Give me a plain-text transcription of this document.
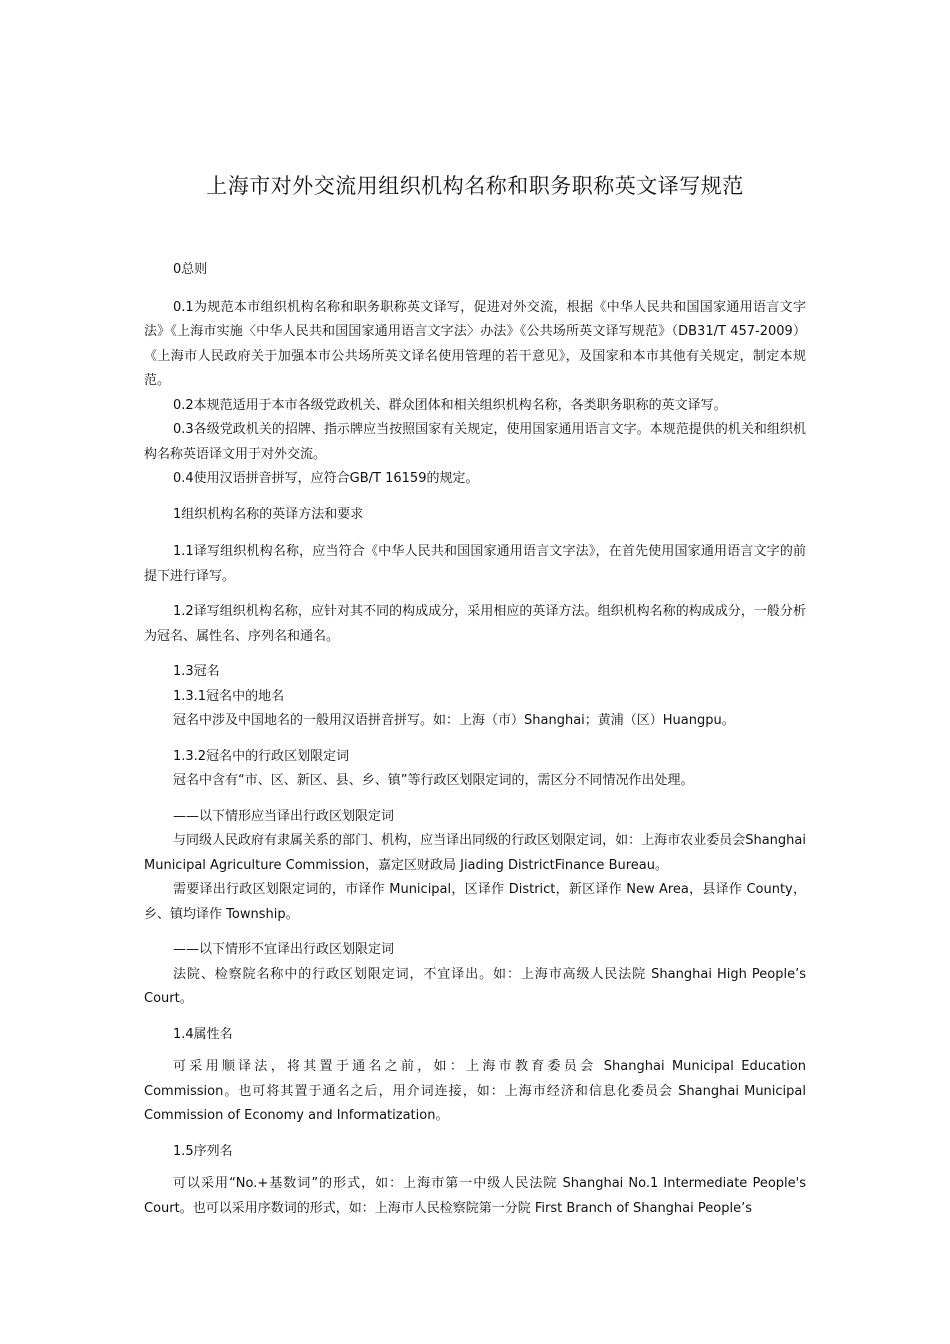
上海市对外交流用组织机构名称和职务职称英文译写规范
0总则

0.1为规范本市组织机构名称和职务职称英文译写，促进对外交流，根据《中华人民共和国国家通用语言文字法》《上海市实施〈中华人民共和国国家通用语言文字法〉办法》《公共场所英文译写规范》（DB31/T 457-2009）《上海市人民政府关于加强本市公共场所英文译名使用管理的若干意见》，及国家和本市其他有关规定，制定本规范。

0.2本规范适用于本市各级党政机关、群众团体和相关组织机构名称，各类职务职称的英文译写。

0.3各级党政机关的招牌、指示牌应当按照国家有关规定，使用国家通用语言文字。本规范提供的机关和组织机构名称英语译文用于对外交流。

0.4使用汉语拼音拼写，应符合GB/T 16159的规定。

1组织机构名称的英译方法和要求

1.1译写组织机构名称，应当符合《中华人民共和国国家通用语言文字法》，在首先使用国家通用语言文字的前提下进行译写。

1.2译写组织机构名称，应针对其不同的构成成分，采用相应的英译方法。组织机构名称的构成成分，一般分析为冠名、属性名、序列名和通名。

1.3冠名
1.3.1冠名中的地名

冠名中涉及中国地名的一般用汉语拼音拼写。如：上海（市）Shanghai；黄浦（区）Huangpu。

1.3.2冠名中的行政区划限定词

冠名中含有“市、区、新区、县、乡、镇”等行政区划限定词的，需区分不同情况作出处理。

——以下情形应当译出行政区划限定词

与同级人民政府有隶属关系的部门、机构，应当译出同级的行政区划限定词，如：上海市农业委员会Shanghai Municipal Agriculture Commission，嘉定区财政局 Jiading DistrictFinance Bureau。

需要译出行政区划限定词的，市译作 Municipal，区译作 District，新区译作 New Area，县译作 County，乡、镇均译作 Township。

——以下情形不宜译出行政区划限定词

法院、检察院名称中的行政区划限定词，不宜译出。如：上海市高级人民法院 Shanghai High People’s Court。

1.4属性名

可采用顺译法，将其置于通名之前，如：上海市教育委员会 Shanghai Municipal Education Commission。也可将其置于通名之后，用介词连接，如：上海市经济和信息化委员会 Shanghai Municipal Commission of Economy and Informatization。

1.5序列名

可以采用“No.+基数词”的形式，如：上海市第一中级人民法院 Shanghai No.1 Intermediate People's Court。也可以采用序数词的形式，如：上海市人民检察院第一分院 First Branch of Shanghai People’s
